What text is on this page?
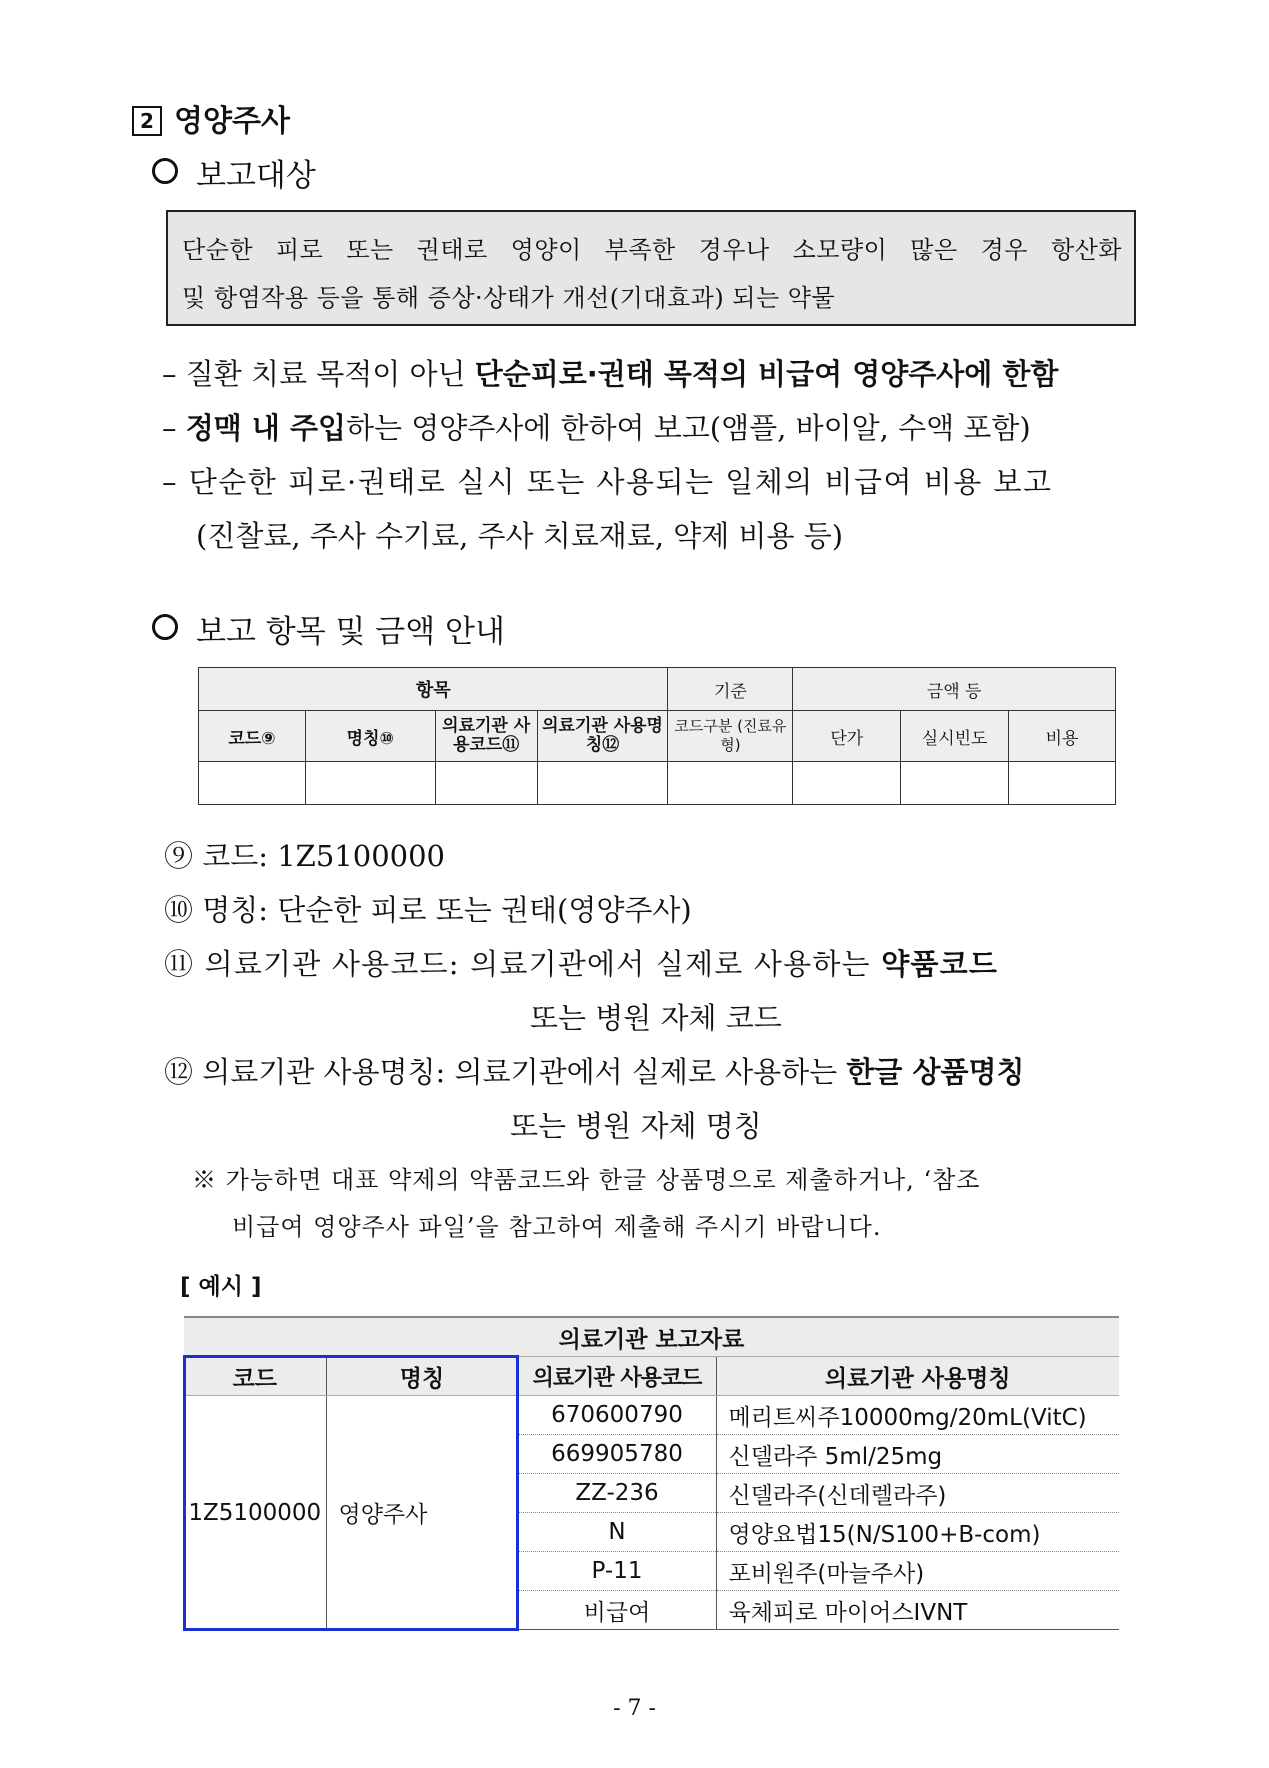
2 영양주사
보고대상
단순한 피로 또는 권태로 영양이 부족한 경우나 소모량이 많은 경우 항산화
및 항염작용 등을 통해 증상·상태가 개선(기대효과) 되는 약물
– 질환 치료 목적이 아닌 단순피로·권태 목적의 비급여 영양주사에 한함
– 정맥 내 주입하는 영양주사에 한하여 보고(앰플, 바이알, 수액 포함)
– 단순한 피로·권태로 실시 또는 사용되는 일체의 비급여 비용 보고
(진찰료, 주사 수기료, 주사 치료재료, 약제 비용 등)
보고 항목 및 금액 안내
항목				기준	금액 등		
코드⑨	명칭⑩	의료기관 사용코드⑪	의료기관 사용명칭⑫	코드구분 (진료유형)	단가	실시빈도	비용

⑨ 코드: 1Z5100000
⑩ 명칭: 단순한 피로 또는 권태(영양주사)
⑪ 의료기관 사용코드: 의료기관에서 실제로 사용하는 약품코드
또는 병원 자체 코드
⑫ 의료기관 사용명칭: 의료기관에서 실제로 사용하는 한글 상품명칭
또는 병원 자체 명칭
※ 가능하면 대표 약제의 약품코드와 한글 상품명으로 제출하거나, ‘참조
비급여 영양주사 파일’을 참고하여 제출해 주시기 바랍니다.
[ 예시 ]
의료기관 보고자료			
코드	명칭	의료기관 사용코드	의료기관 사용명칭
1Z5100000	영양주사	670600790	메리트씨주10000mg/20mL(VitC)
		669905780	신델라주 5ml/25mg
		ZZ-236	신델라주(신데렐라주)
		N	영양요법15(N/S100+B-com)
		P-11	포비원주(마늘주사)
		비급여	육체피로 마이어스IVNT
- 7 -
